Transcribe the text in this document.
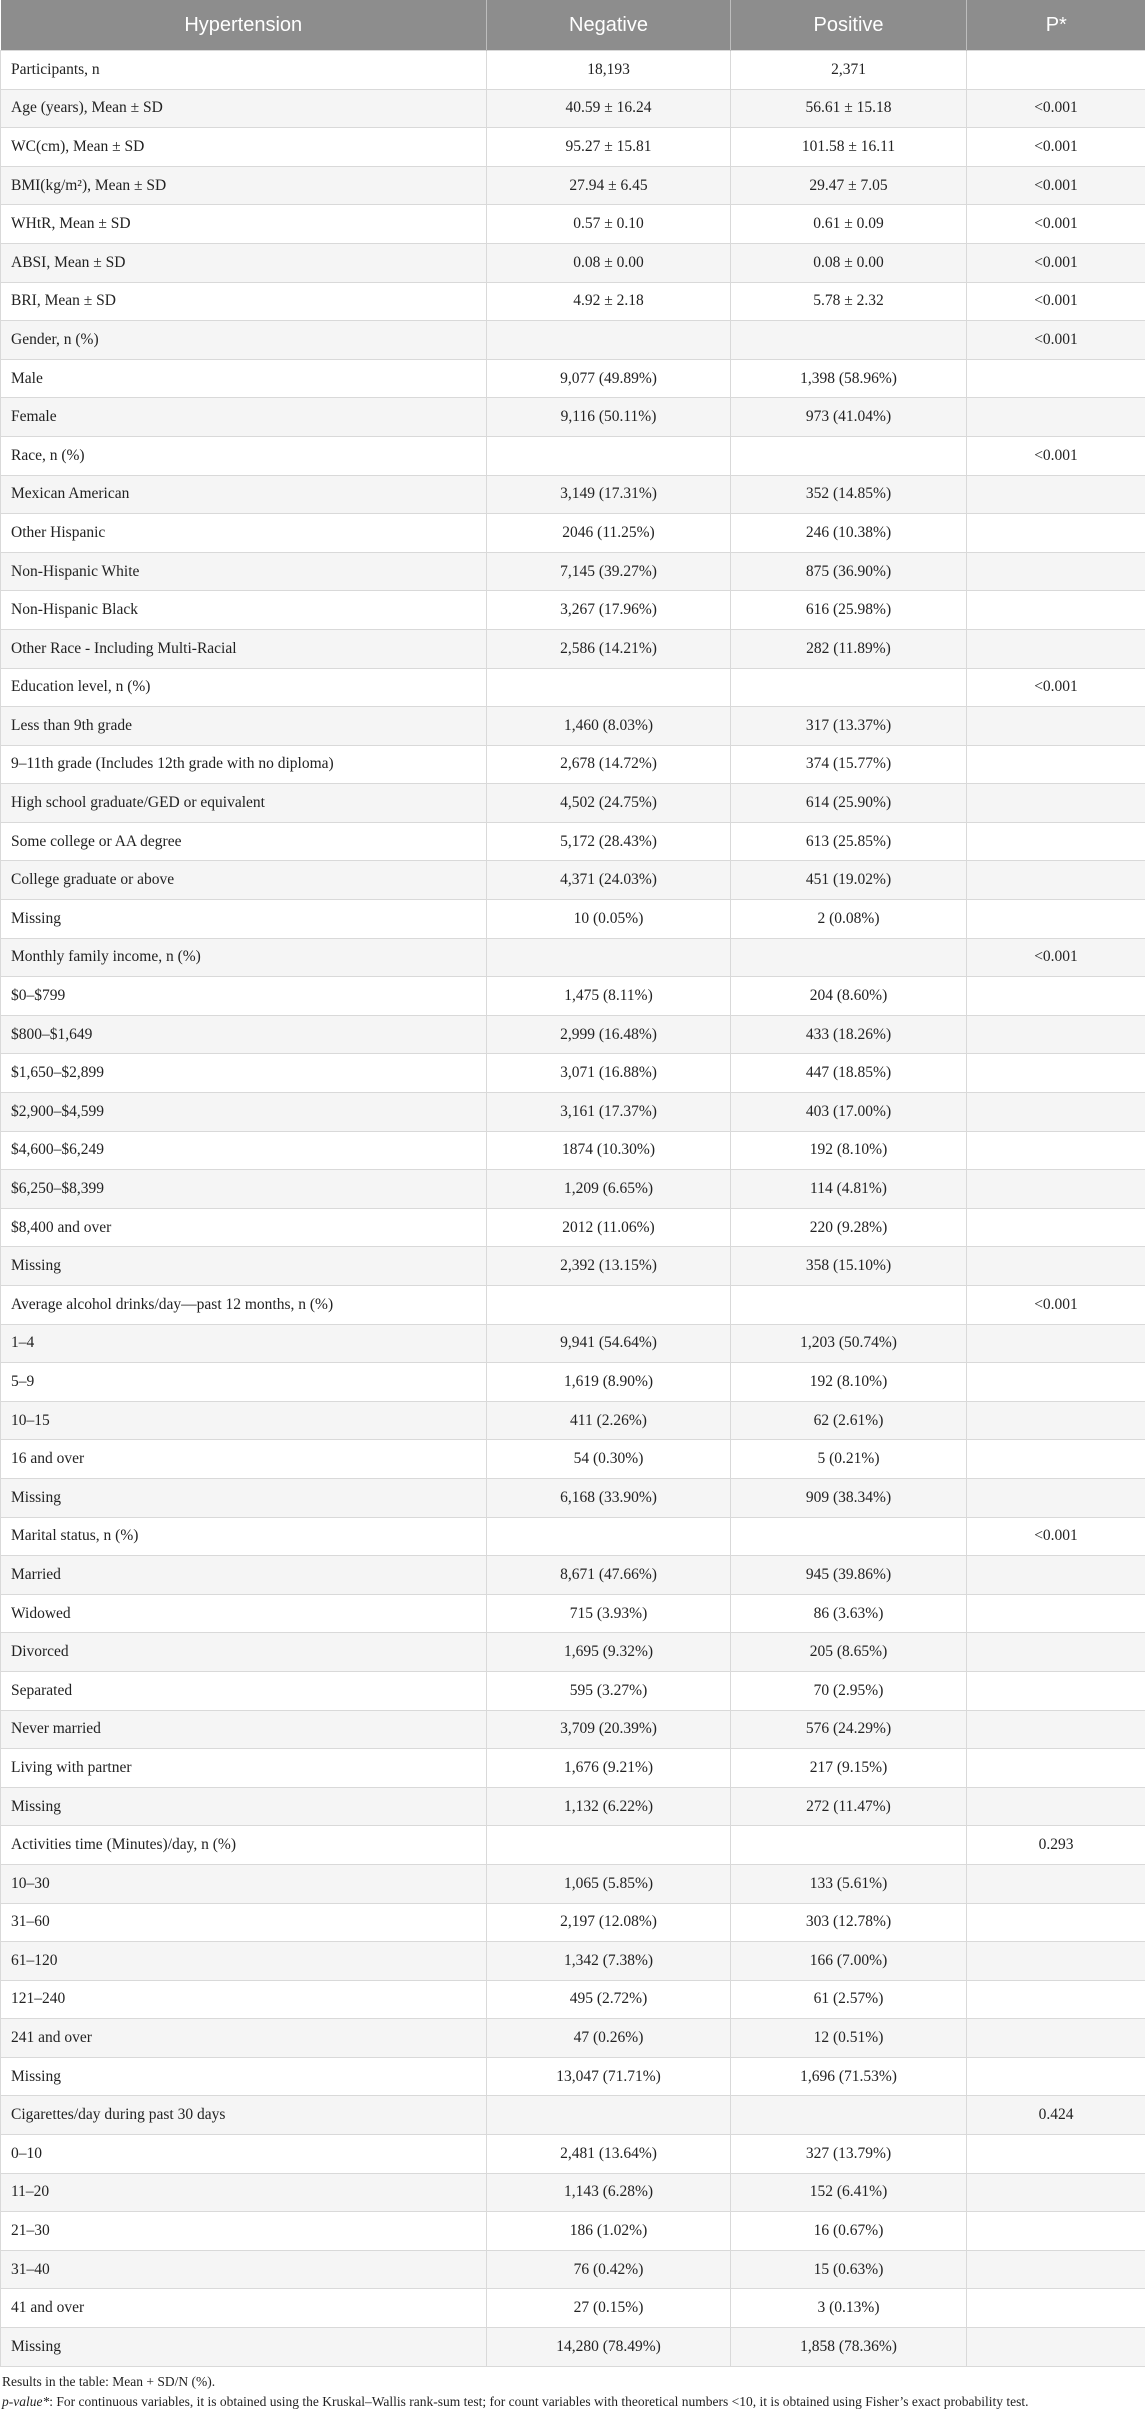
Hypertension	Negative	Positive	P*
Participants, n	18,193	2,371	
Age (years), Mean ± SD	40.59 ± 16.24	56.61 ± 15.18	<0.001
WC(cm), Mean ± SD	95.27 ± 15.81	101.58 ± 16.11	<0.001
BMI(kg/m²), Mean ± SD	27.94 ± 6.45	29.47 ± 7.05	<0.001
WHtR, Mean ± SD	0.57 ± 0.10	0.61 ± 0.09	<0.001
ABSI, Mean ± SD	0.08 ± 0.00	0.08 ± 0.00	<0.001
BRI, Mean ± SD	4.92 ± 2.18	5.78 ± 2.32	<0.001
Gender, n (%)			<0.001
Male	9,077 (49.89%)	1,398 (58.96%)	
Female	9,116 (50.11%)	973 (41.04%)	
Race, n (%)			<0.001
Mexican American	3,149 (17.31%)	352 (14.85%)	
Other Hispanic	2046 (11.25%)	246 (10.38%)	
Non-Hispanic White	7,145 (39.27%)	875 (36.90%)	
Non-Hispanic Black	3,267 (17.96%)	616 (25.98%)	
Other Race - Including Multi-Racial	2,586 (14.21%)	282 (11.89%)	
Education level, n (%)			<0.001
Less than 9th grade	1,460 (8.03%)	317 (13.37%)	
9–11th grade (Includes 12th grade with no diploma)	2,678 (14.72%)	374 (15.77%)	
High school graduate/GED or equivalent	4,502 (24.75%)	614 (25.90%)	
Some college or AA degree	5,172 (28.43%)	613 (25.85%)	
College graduate or above	4,371 (24.03%)	451 (19.02%)	
Missing	10 (0.05%)	2 (0.08%)	
Monthly family income, n (%)			<0.001
$0–$799	1,475 (8.11%)	204 (8.60%)	
$800–$1,649	2,999 (16.48%)	433 (18.26%)	
$1,650–$2,899	3,071 (16.88%)	447 (18.85%)	
$2,900–$4,599	3,161 (17.37%)	403 (17.00%)	
$4,600–$6,249	1874 (10.30%)	192 (8.10%)	
$6,250–$8,399	1,209 (6.65%)	114 (4.81%)	
$8,400 and over	2012 (11.06%)	220 (9.28%)	
Missing	2,392 (13.15%)	358 (15.10%)	
Average alcohol drinks/day—past 12 months, n (%)			<0.001
1–4	9,941 (54.64%)	1,203 (50.74%)	
5–9	1,619 (8.90%)	192 (8.10%)	
10–15	411 (2.26%)	62 (2.61%)	
16 and over	54 (0.30%)	5 (0.21%)	
Missing	6,168 (33.90%)	909 (38.34%)	
Marital status, n (%)			<0.001
Married	8,671 (47.66%)	945 (39.86%)	
Widowed	715 (3.93%)	86 (3.63%)	
Divorced	1,695 (9.32%)	205 (8.65%)	
Separated	595 (3.27%)	70 (2.95%)	
Never married	3,709 (20.39%)	576 (24.29%)	
Living with partner	1,676 (9.21%)	217 (9.15%)	
Missing	1,132 (6.22%)	272 (11.47%)	
Activities time (Minutes)/day, n (%)			0.293
10–30	1,065 (5.85%)	133 (5.61%)	
31–60	2,197 (12.08%)	303 (12.78%)	
61–120	1,342 (7.38%)	166 (7.00%)	
121–240	495 (2.72%)	61 (2.57%)	
241 and over	47 (0.26%)	12 (0.51%)	
Missing	13,047 (71.71%)	1,696 (71.53%)	
Cigarettes/day during past 30 days			0.424
0–10	2,481 (13.64%)	327 (13.79%)	
11–20	1,143 (6.28%)	152 (6.41%)	
21–30	186 (1.02%)	16 (0.67%)	
31–40	76 (0.42%)	15 (0.63%)	
41 and over	27 (0.15%)	3 (0.13%)	
Missing	14,280 (78.49%)	1,858 (78.36%)	
Results in the table: Mean + SD/N (%).
p-value*: For continuous variables, it is obtained using the Kruskal–Wallis rank-sum test; for count variables with theoretical numbers <10, it is obtained using Fisher’s exact probability test.
